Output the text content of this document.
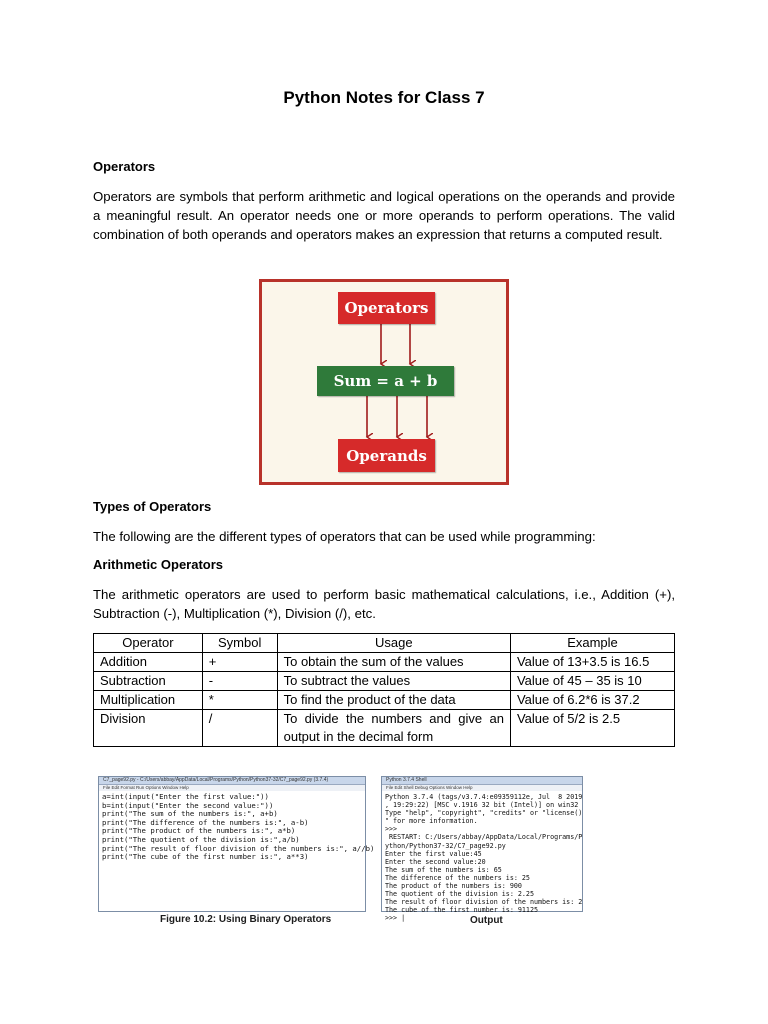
Python Notes for Class 7
Operators
Operators are symbols that perform arithmetic and logical operations on the operands and provide a meaningful result. An operator needs one or more operands to perform operations. The valid combination of both operands and operators makes an expression that returns a computed result.
Operators
Sum = a + b
Operands
Types of Operators
The following are the different types of operators that can be used while programming:
Arithmetic Operators
The arithmetic operators are used to perform basic mathematical calculations, i.e., Addition (+), Subtraction (-), Multiplication (*), Division (/), etc.
Operator	Symbol	Usage	Example
Addition	+	To obtain the sum of the values	Value of 13+3.5 is 16.5
Subtraction	-	To subtract the values	Value of 45 – 35 is 10
Multiplication	*	To find the product of the data	Value of 6.2*6 is 37.2
Division	/	To divide the numbers and give an output in the decimal form	Value of 5/2 is 2.5
C7_page92.py - C:/Users/abbay/AppData/Local/Programs/Python/Python37-32/C7_page92.py (3.7.4)
File Edit Format Run Options Window Help
a=int(input("Enter the first value:"))
b=int(input("Enter the second value:"))
print("The sum of the numbers is:", a+b)
print("The difference of the numbers is:", a-b)
print("The product of the numbers is:", a*b)
print("The quotient of the division is:",a/b)
print("The result of floor division of the numbers is:", a//b)
print("The cube of the first number is:", a**3)
Figure 10.2: Using Binary Operators
Python 3.7.4 Shell
File Edit Shell Debug Options Window Help
Python 3.7.4 (tags/v3.7.4:e09359112e, Jul  8 2019
, 19:29:22) [MSC v.1916 32 bit (Intel)] on win32
Type "help", "copyright", "credits" or "license()
" for more information.
>>>
RESTART: C:/Users/abbay/AppData/Local/Programs/P
ython/Python37-32/C7_page92.py
Enter the first value:45
Enter the second value:20
The sum of the numbers is: 65
The difference of the numbers is: 25
The product of the numbers is: 900
The quotient of the division is: 2.25
The result of floor division of the numbers is: 2
The cube of the first number is: 91125
>>> |	Output
